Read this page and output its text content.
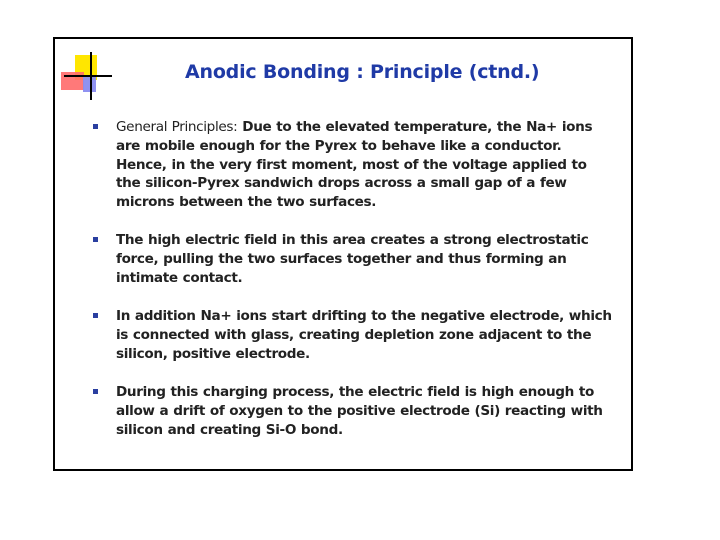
Anodic Bonding : Principle (ctnd.)
General Principles: Due to the elevated temperature, the Na+ ions are mobile enough for the Pyrex to behave like a conductor. Hence, in the very first moment, most of the voltage applied to the silicon-Pyrex sandwich drops across a small gap of a few microns between the two surfaces.
The high electric field in this area creates a strong electrostatic force, pulling the two surfaces together and thus forming an intimate contact.
In addition Na+ ions start drifting to the negative electrode, which is connected with glass, creating depletion zone adjacent to the silicon, positive electrode.
During this charging process, the electric field is high enough to allow a drift of oxygen to the positive electrode (Si) reacting with silicon and creating Si-O bond.
